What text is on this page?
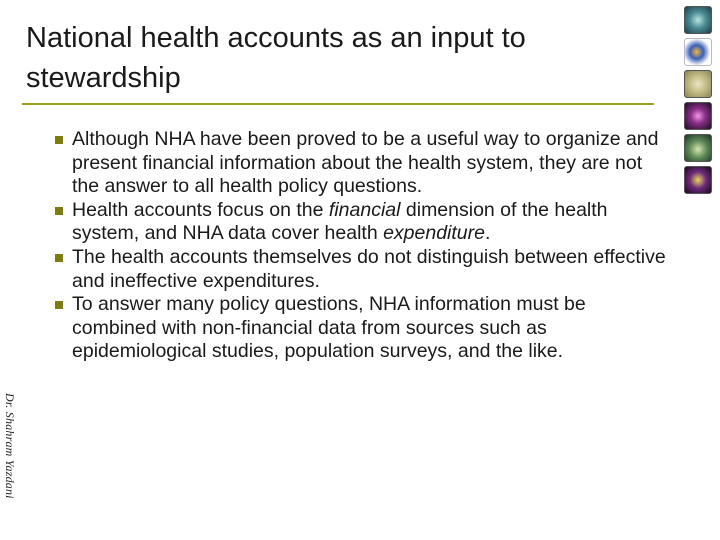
National health accounts as an input to stewardship
Dr. Shahram Yazdani
Although NHA have been proved to be a useful way to organize and present financial information about the health system, they are not the answer to all health policy questions.
Health accounts focus on the financial dimension of the health system, and NHA data cover health expenditure.
The health accounts themselves do not distinguish between effective and ineffective expenditures.
To answer many policy questions, NHA information must be combined with non-financial data from sources such as epidemiological studies, population surveys, and the like.
